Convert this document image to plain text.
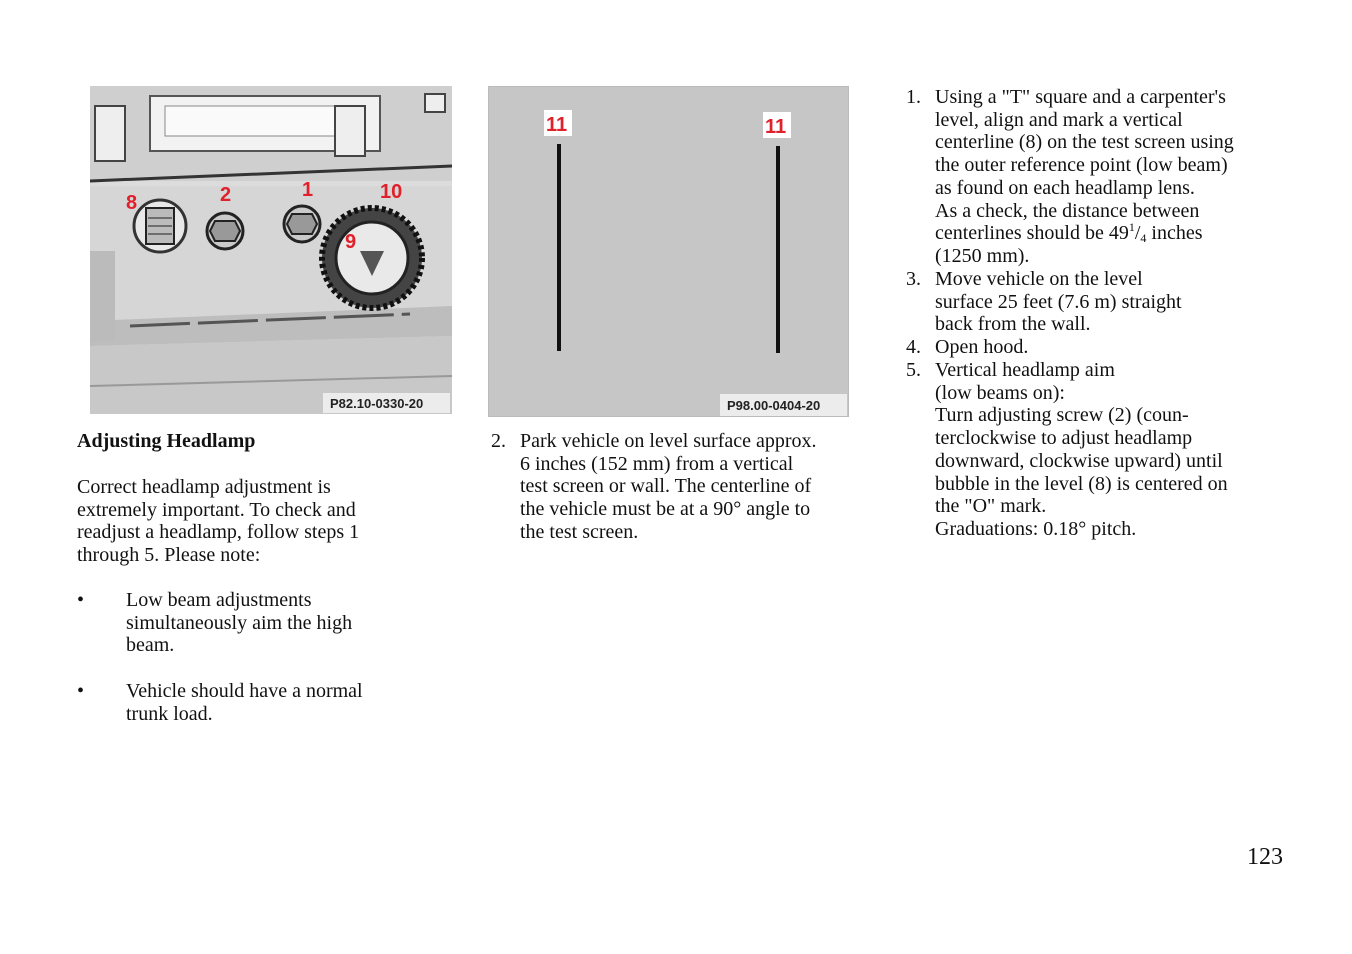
8	2	1	10
9
P82.10-0330-20
11	11
P98.00-0404-20
Adjusting Headlamp
Correct headlamp adjustment is
extremely important. To check and
readjust a headlamp, follow steps 1
through 5. Please note:
• Low beam adjustments
simultaneously aim the high
beam.
• Vehicle should have a normal
trunk load.
2. Park vehicle on level surface approx.
6 inches (152 mm) from a vertical
test screen or wall. The centerline of
the vehicle must be at a 90° angle to
the test screen.
1. Using a "T" square and a carpenter's
level, align and mark a vertical
centerline (8) on the test screen using
the outer reference point (low beam)
as found on each headlamp lens.
As a check, the distance between
centerlines should be $49^1/_4$ inches
(1250 mm).
3. Move vehicle on the level
surface 25 feet (7.6 m) straight
back from the wall.
4. Open hood.
5. Vertical headlamp aim
(low beams on):
Turn adjusting screw (2) (coun-
terclockwise to adjust headlamp
downward, clockwise upward) until
bubble in the level (8) is centered on
the "O" mark.
Graduations: 0.18° pitch.
123
